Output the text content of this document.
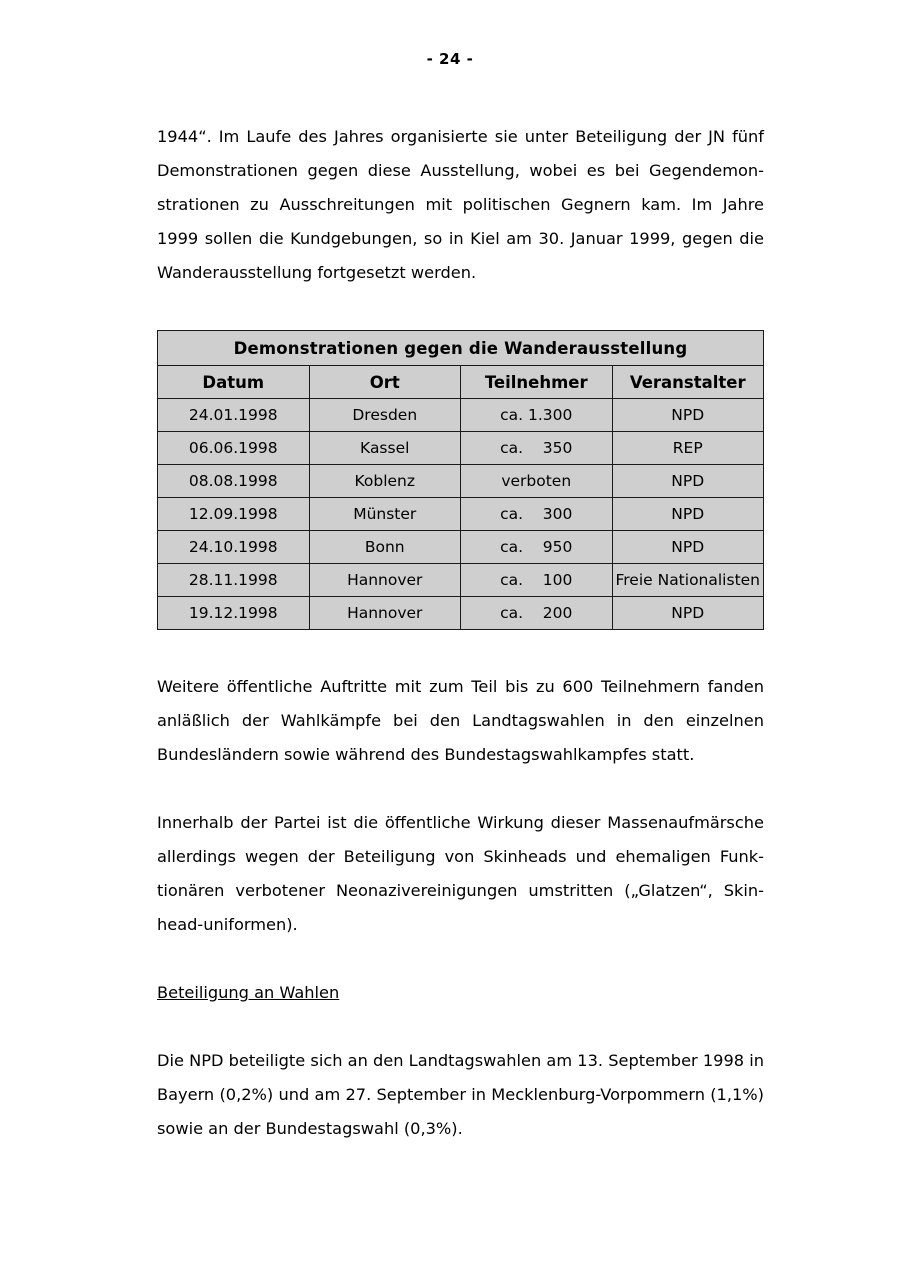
- 24 -

1944“. Im Laufe des Jahres organisierte sie unter Beteiligung der JN fünf Demonstrationen gegen diese Ausstellung, wobei es bei Gegendemon-strationen zu Ausschreitungen mit politischen Gegnern kam. Im Jahre 1999 sollen die Kundgebungen, so in Kiel am 30. Januar 1999, gegen die Wanderausstellung fortgesetzt werden.

Demonstrationen gegen die Wanderausstellung			
Datum	Ort	Teilnehmer	Veranstalter
24.01.1998	Dresden	ca. 1.300	NPD
06.06.1998	Kassel	ca.    350	REP
08.08.1998	Koblenz	verboten	NPD
12.09.1998	Münster	ca.    300	NPD
24.10.1998	Bonn	ca.    950	NPD
28.11.1998	Hannover	ca.    100	Freie Nationalisten
19.12.1998	Hannover	ca.    200	NPD

Weitere öffentliche Auftritte mit zum Teil bis zu 600 Teilnehmern fanden anläßlich der Wahlkämpfe bei den Landtagswahlen in den einzelnen Bundesländern sowie während des Bundestagswahlkampfes statt.

Innerhalb der Partei ist die öffentliche Wirkung dieser Massenaufmärsche allerdings wegen der Beteiligung von Skinheads und ehemaligen Funk-tionären verbotener Neonazivereinigungen umstritten („Glatzen“, Skin-head-uniformen).

Beteiligung an Wahlen

Die NPD beteiligte sich an den Landtagswahlen am 13. September 1998 in Bayern (0,2%) und am 27. September in Mecklenburg-Vorpommern (1,1%) sowie an der Bundestagswahl (0,3%).
